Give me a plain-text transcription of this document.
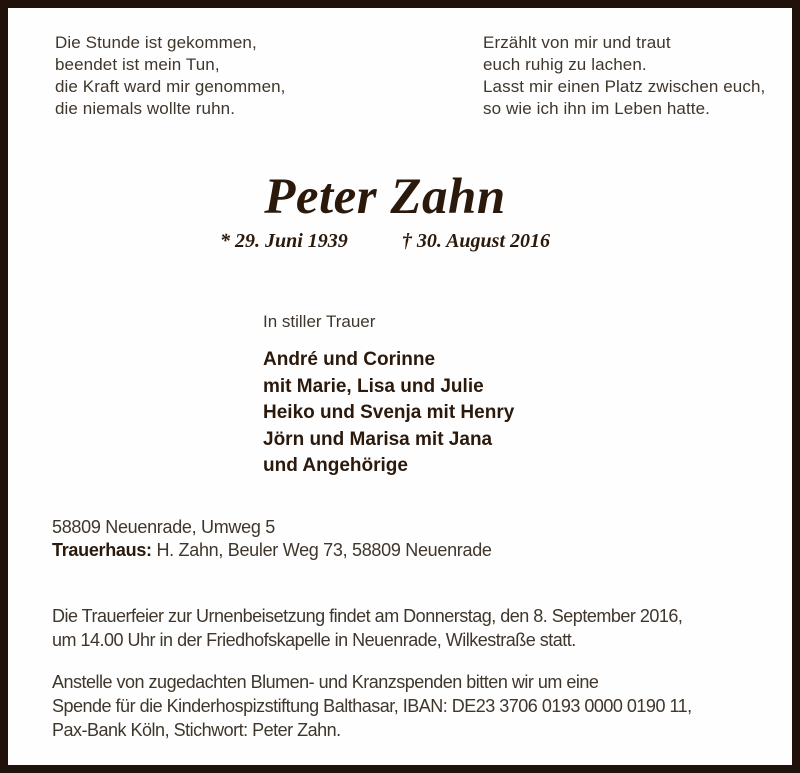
Die Stunde ist gekommen,
beendet ist mein Tun,
die Kraft ward mir genommen,
die niemals wollte ruhn.
Erzählt von mir und traut
euch ruhig zu lachen.
Lasst mir einen Platz zwischen euch,
so wie ich ihn im Leben hatte.
Peter Zahn
* 29. Juni 1939	† 30. August 2016
In stiller Trauer
André und Corinne
mit Marie, Lisa und Julie
Heiko und Svenja mit Henry
Jörn und Marisa mit Jana
und Angehörige
58809 Neuenrade, Umweg 5
Trauerhaus: H. Zahn, Beuler Weg 73, 58809 Neuenrade
Die Trauerfeier zur Urnenbeisetzung findet am Donnerstag, den 8. September 2016,
um 14.00 Uhr in der Friedhofskapelle in Neuenrade, Wilkestraße statt.
Anstelle von zugedachten Blumen- und Kranzspenden bitten wir um eine
Spende für die Kinderhospizstiftung Balthasar, IBAN: DE23 3706 0193 0000 0190 11,
Pax-Bank Köln, Stichwort: Peter Zahn.
